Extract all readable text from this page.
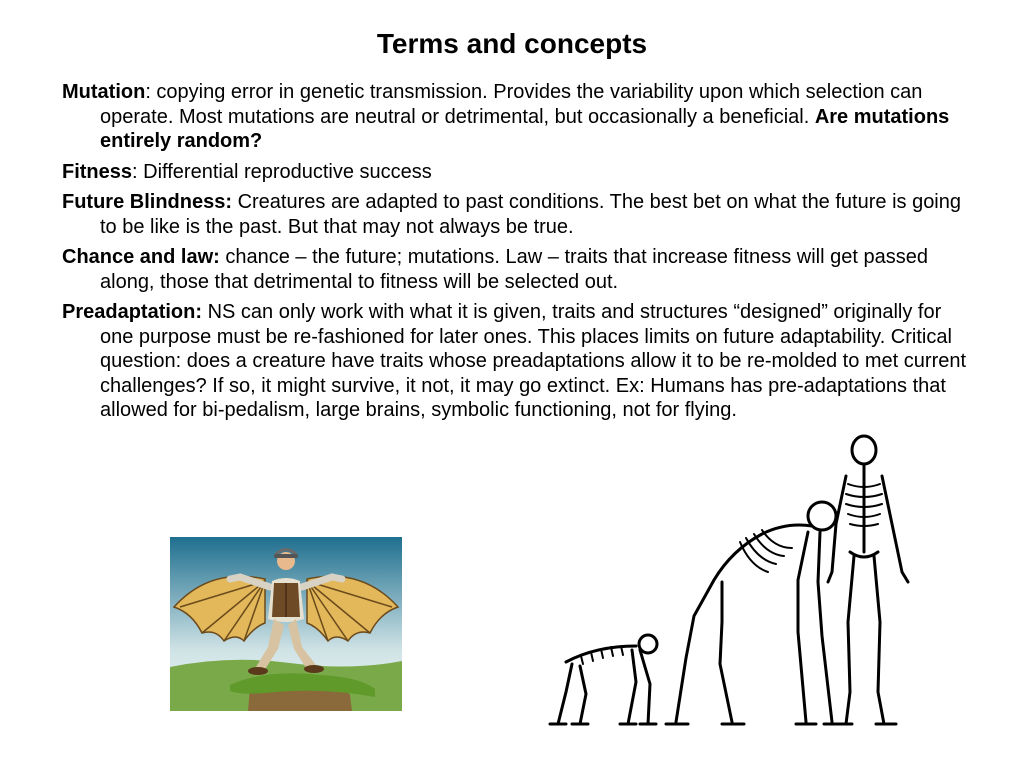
Terms and concepts
Mutation: copying error in genetic transmission. Provides the variability upon which selection can operate. Most mutations are neutral or detrimental, but occasionally a beneficial. Are mutations entirely random?
Fitness: Differential reproductive success
Future Blindness: Creatures are adapted to past conditions. The best bet on what the future is going to be like is the past. But that may not always be true.
Chance and law: chance – the future; mutations. Law – traits that increase fitness will get passed along, those that detrimental to fitness will be selected out.
Preadaptation: NS can only work with what it is given, traits and structures “designed” originally for one purpose must be re-fashioned for later ones. This places limits on future adaptability. Critical question: does a creature have traits whose preadaptations allow it to be re-molded to met current challenges? If so, it might survive, it not, it may go extinct. Ex: Humans has pre-adaptations that allowed for bi-pedalism, large brains, symbolic functioning, not for flying.
